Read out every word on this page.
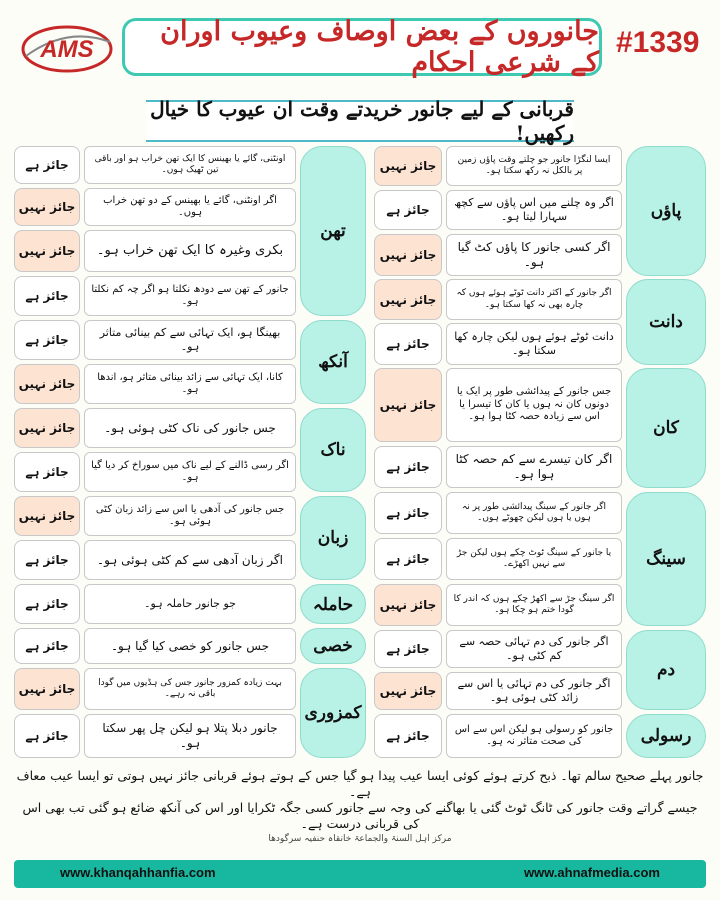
AMS
جانوروں کے بعض اوصاف وعیوب اوران کے شرعی احکام
#1339
قربانی کے لیے جانور خریدتے وقت ان عیوب کا خیال رکھیں!
پاؤں
دانت
کان
سینگ
دم
رسولی
ایسا لنگڑا جانور جو چلتے وقت پاؤں زمین پر بالکل نہ رکھ سکتا ہو۔
جائز نہیں
اگر وہ چلنے میں اس پاؤں سے کچھ سہارا لیتا ہو۔
جائز ہے
اگر کسی جانور کا پاؤں کٹ گیا ہو۔
جائز نہیں
اگر جانور کے اکثر دانت ٹوٹے ہوئے ہوں کہ چارہ بھی نہ کھا سکتا ہو۔
جائز نہیں
دانت ٹوٹے ہوئے ہوں لیکن چارہ کھا سکتا ہو۔
جائز ہے
جس جانور کے پیدائشی طور پر ایک یا دونوں کان نہ ہوں یا کان کا تیسرا یا اس سے زیادہ حصہ کٹا ہوا ہو۔
جائز نہیں
اگر کان تیسرے سے کم حصہ کٹا ہوا ہو۔
جائز ہے
اگر جانور کے سینگ پیدائشی طور پر نہ ہوں یا ہوں لیکن چھوٹے ہوں۔
جائز ہے
یا جانور کے سینگ ٹوٹ چکے ہوں لیکن جڑ سے نہیں اکھڑے۔
جائز ہے
اگر سینگ جڑ سے اکھڑ چکے ہوں کہ اندر کا گودا ختم ہو چکا ہو۔
جائز نہیں
اگر جانور کی دم تہائی حصہ سے کم کٹی ہو۔
جائز ہے
اگر جانور کی دم تہائی یا اس سے زائد کٹی ہوئی ہو۔
جائز نہیں
جانور کو رسولی ہو لیکن اس سے اس کی صحت متاثر نہ ہو۔
جائز ہے
تھن
آنکھ
ناک
زبان
حاملہ
خصی
کمزوری
اونٹنی، گائے یا بھینس کا ایک تھن خراب ہو اور باقی تین ٹھیک ہوں۔
جائز ہے
اگر اونٹنی، گائے یا بھینس کے دو تھن خراب ہوں۔
جائز نہیں
بکری وغیرہ کا ایک تھن خراب ہو۔
جائز نہیں
جانور کے تھن سے دودھ نکلتا ہو اگر چہ کم نکلتا ہو۔
جائز ہے
بھینگا ہو، ایک تہائی سے کم بینائی متاثر ہو۔
جائز ہے
کانا، ایک تہائی سے زائد بینائی متاثر ہو، اندھا ہو۔
جائز نہیں
جس جانور کی ناک کٹی ہوئی ہو۔
جائز نہیں
اگر رسی ڈالنے کے لیے ناک میں سوراخ کر دیا گیا ہو۔
جائز ہے
جس جانور کی آدھی یا اس سے زائد زبان کٹی ہوئی ہو۔
جائز نہیں
اگر زبان آدھی سے کم کٹی ہوئی ہو۔
جائز ہے
جو جانور حاملہ ہو۔
جائز ہے
جس جانور کو خصی کیا گیا ہو۔
جائز ہے
بہت زیادہ کمزور جانور جس کی ہڈیوں میں گودا باقی نہ رہے۔
جائز نہیں
جانور دبلا پتلا ہو لیکن چل پھر سکتا ہو۔
جائز ہے
جانور پہلے صحیح سالم تھا۔ ذبح کرتے ہوئے کوئی ایسا عیب پیدا ہو گیا جس کے ہوتے ہوئے قربانی جائز نہیں ہوتی تو ایسا عیب معاف ہے۔
جیسے گراتے وقت جانور کی ٹانگ ٹوٹ گئی یا بھاگنے کی وجہ سے جانور کسی جگہ ٹکرایا اور اس کی آنکھ ضائع ہو گئی تب بھی اس کی قربانی درست ہے۔
مرکز اہل السنۃ والجماعۃ خانقاہ حنفیہ سرگودھا
www.khanqahhanfia.com	www.ahnafmedia.com
